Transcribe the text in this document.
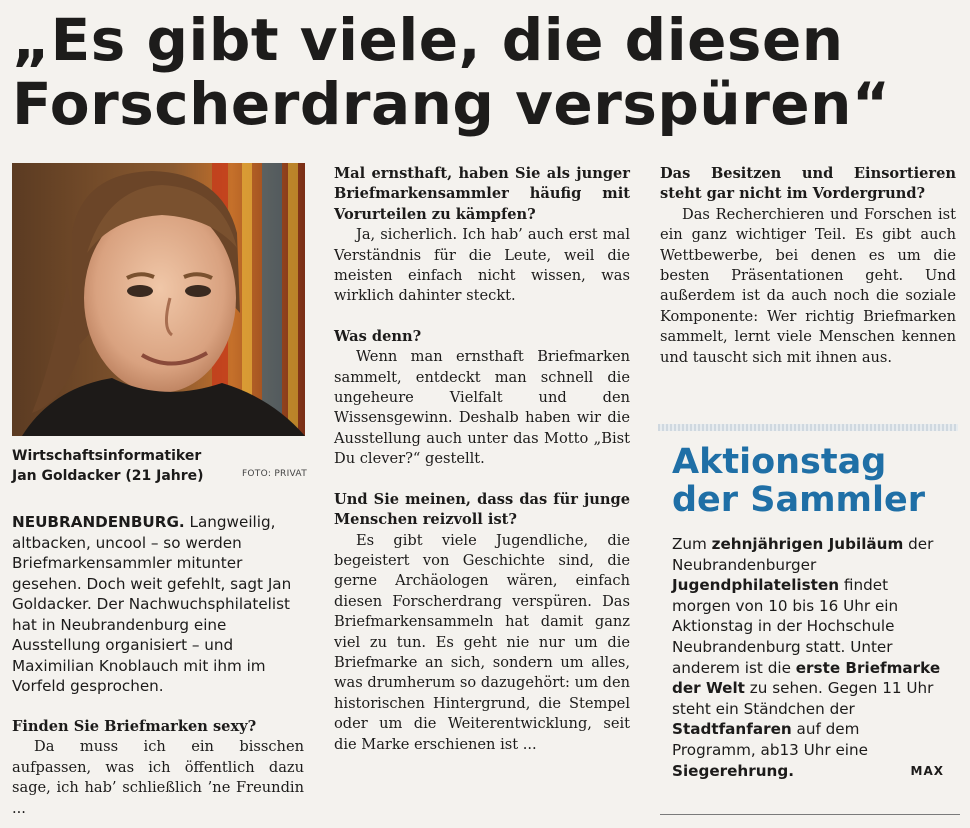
„Es gibt viele, die diesen
Forscherdrang verspüren“
Wirtschaftsinformatiker
Jan Goldacker (21 Jahre)	FOTO: PRIVAT

NEUBRANDENBURG. Langweilig, altbacken, uncool – so werden Briefmarkensammler mitunter gesehen. Doch weit gefehlt, sagt Jan Goldacker. Der Nachwuchsphilatelist hat in Neubrandenburg eine Ausstellung organisiert – und Maximilian Knoblauch mit ihm im Vorfeld gesprochen.

Finden Sie Briefmarken sexy?

Da muss ich ein bisschen aufpassen, was ich öffentlich dazu sage, ich hab’ schließlich ’ne Freundin ...

Mal ernsthaft, haben Sie als junger Briefmarkensammler häufig mit Vorurteilen zu kämpfen?

Ja, sicherlich. Ich hab’ auch erst mal Verständnis für die Leute, weil die meisten einfach nicht wissen, was wirklich dahinter steckt.

Was denn?

Wenn man ernsthaft Briefmarken sammelt, entdeckt man schnell die ungeheure Vielfalt und den Wissensgewinn. Deshalb haben wir die Ausstellung auch unter das Motto „Bist Du clever?“ gestellt.

Und Sie meinen, dass das für junge Menschen reizvoll ist?

Es gibt viele Jugendliche, die begeistert von Geschichte sind, die gerne Archäologen wären, einfach diesen Forscherdrang verspüren. Das Briefmarkensammeln hat damit ganz viel zu tun. Es geht nie nur um die Briefmarke an sich, sondern um alles, was drumherum so dazugehört: um den historischen Hintergrund, die Stempel oder um die Weiterentwicklung, seit die Marke erschienen ist ...

Das Besitzen und Einsortieren steht gar nicht im Vordergrund?

Das Recherchieren und Forschen ist ein ganz wichtiger Teil. Es gibt auch Wettbewerbe, bei denen es um die besten Präsentationen geht. Und außerdem ist da auch noch die soziale Komponente: Wer richtig Briefmarken sammelt, lernt viele Menschen kennen und tauscht sich mit ihnen aus.

Aktionstag
der Sammler
Zum zehnjährigen Jubiläum der Neubrandenburger Jugendphilatelisten findet morgen von 10 bis 16 Uhr ein Aktionstag in der Hochschule Neubrandenburg statt. Unter anderem ist die erste Briefmarke der Welt zu sehen. Gegen 11 Uhr steht ein Ständchen der Stadtfanfaren auf dem Programm, ab13 Uhr eine Siegerehrung.	MAX
